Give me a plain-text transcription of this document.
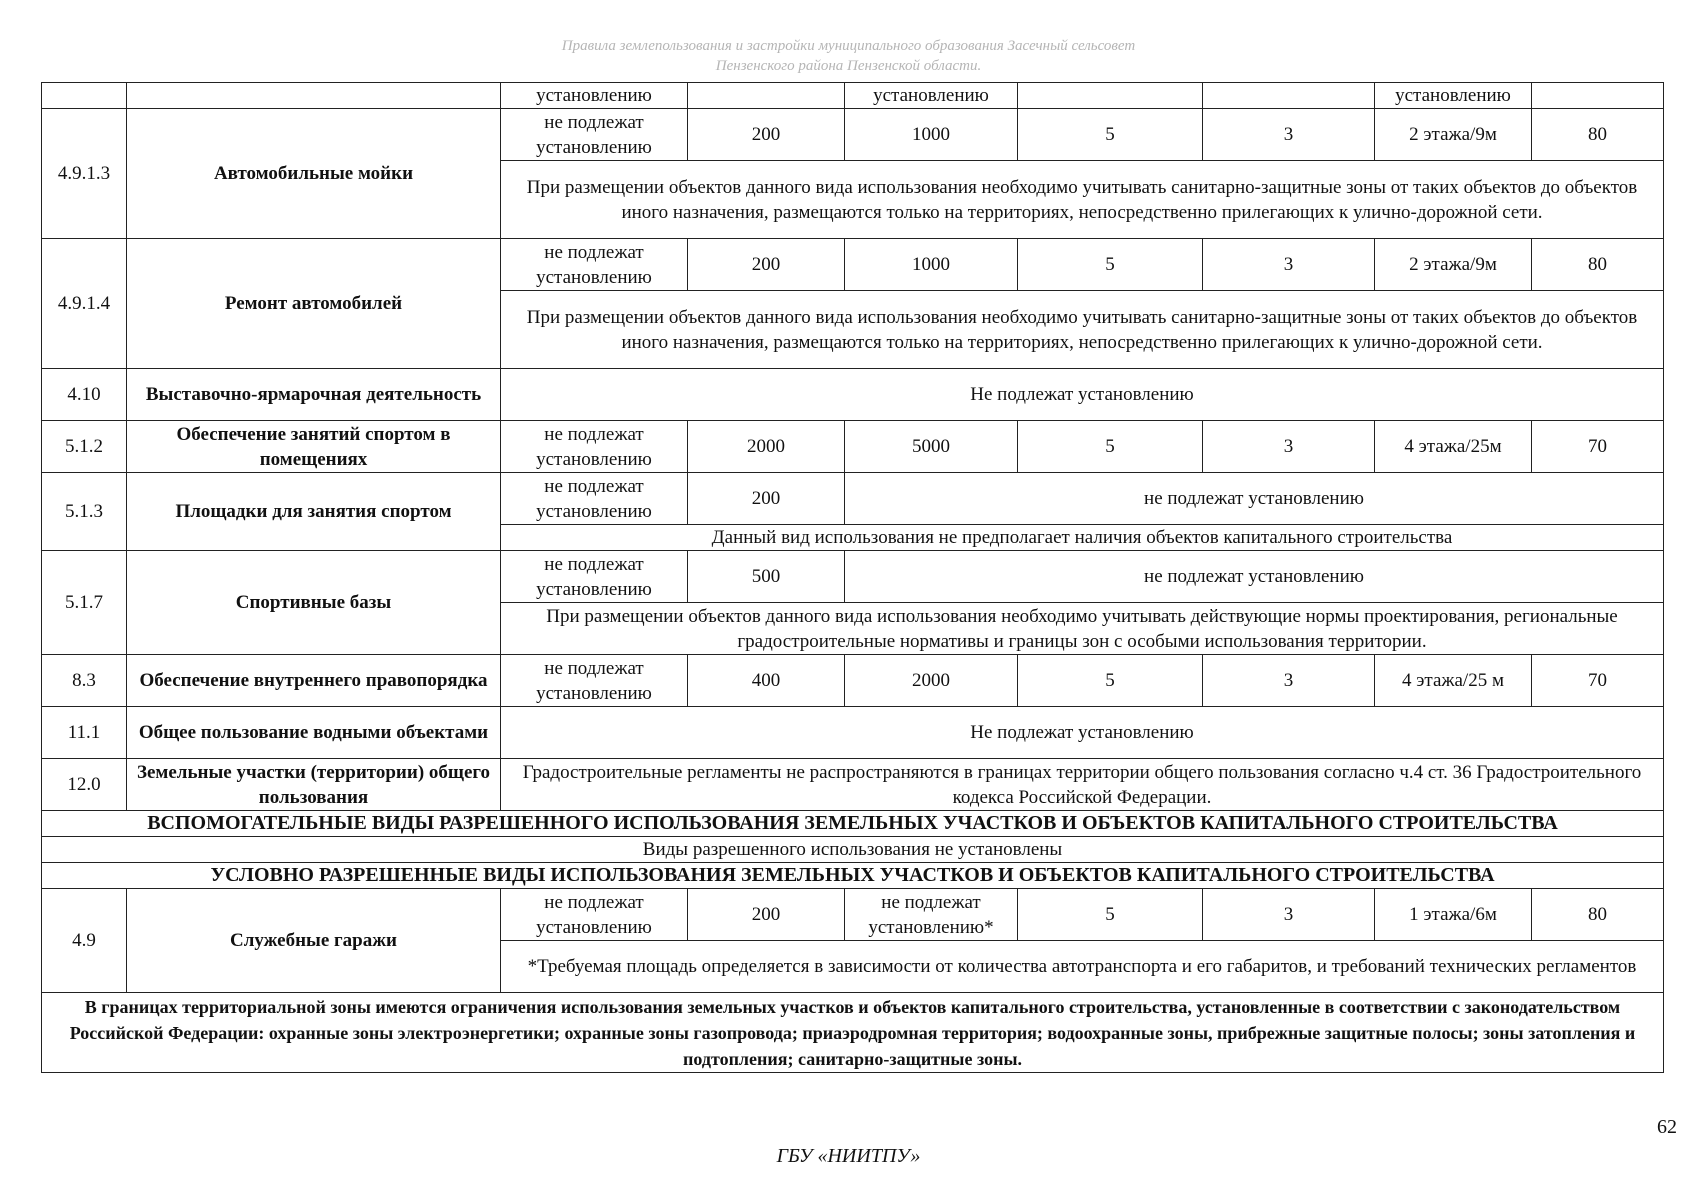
Правила землепользования и застройки муниципального образования Засечный сельсовет
Пензенского района Пензенской области.
		установлению		установлению			установлению	
4.9.1.3	Автомобильные мойки	не подлежат установлению	200	1000	5	3	2 этажа/9м	80
		При размещении объектов данного вида использования необходимо учитывать санитарно-защитные зоны от таких объектов до объектов иного назначения, размещаются только на территориях, непосредственно прилегающих к улично-дорожной сети.						
4.9.1.4	Ремонт автомобилей	не подлежат установлению	200	1000	5	3	2 этажа/9м	80
		При размещении объектов данного вида использования необходимо учитывать санитарно-защитные зоны от таких объектов до объектов иного назначения, размещаются только на территориях, непосредственно прилегающих к улично-дорожной сети.						
4.10	Выставочно-ярмарочная деятельность	Не подлежат установлению						
5.1.2	Обеспечение занятий спортом в помещениях	не подлежат установлению	2000	5000	5	3	4 этажа/25м	70
5.1.3	Площадки для занятия спортом	не подлежат установлению	200	не подлежат установлению				
		Данный вид использования не предполагает наличия объектов капитального строительства						
5.1.7	Спортивные базы	не подлежат установлению	500	не подлежат установлению				
		При размещении объектов данного вида использования необходимо учитывать действующие нормы проектирования, региональные градостроительные нормативы и границы зон с особыми использования территории.						
8.3	Обеспечение внутреннего правопорядка	не подлежат установлению	400	2000	5	3	4 этажа/25 м	70
11.1	Общее пользование водными объектами	Не подлежат установлению						
12.0	Земельные участки (территории) общего пользования	Градостроительные регламенты не распространяются в границах территории общего пользования согласно ч.4 ст. 36 Градостроительного кодекса Российской Федерации.						
ВСПОМОГАТЕЛЬНЫЕ ВИДЫ РАЗРЕШЕННОГО ИСПОЛЬЗОВАНИЯ ЗЕМЕЛЬНЫХ УЧАСТКОВ И ОБЪЕКТОВ КАПИТАЛЬНОГО СТРОИТЕЛЬСТВА								
Виды разрешенного использования не установлены								
УСЛОВНО РАЗРЕШЕННЫЕ ВИДЫ ИСПОЛЬЗОВАНИЯ ЗЕМЕЛЬНЫХ УЧАСТКОВ И ОБЪЕКТОВ КАПИТАЛЬНОГО СТРОИТЕЛЬСТВА								
4.9	Служебные гаражи	не подлежат установлению	200	не подлежат установлению*	5	3	1 этажа/6м	80
		*Требуемая площадь определяется в зависимости от количества автотранспорта и его габаритов, и требований технических регламентов						
В границах территориальной зоны имеются ограничения использования земельных участков и объектов капитального строительства, установленные в соответствии с законодательством Российской Федерации: охранные зоны электроэнергетики; охранные зоны газопровода; приаэродромная территория; водоохранные зоны, прибрежные защитные полосы; зоны затопления и подтопления; санитарно-защитные зоны.								
62
ГБУ «НИИТПУ»
